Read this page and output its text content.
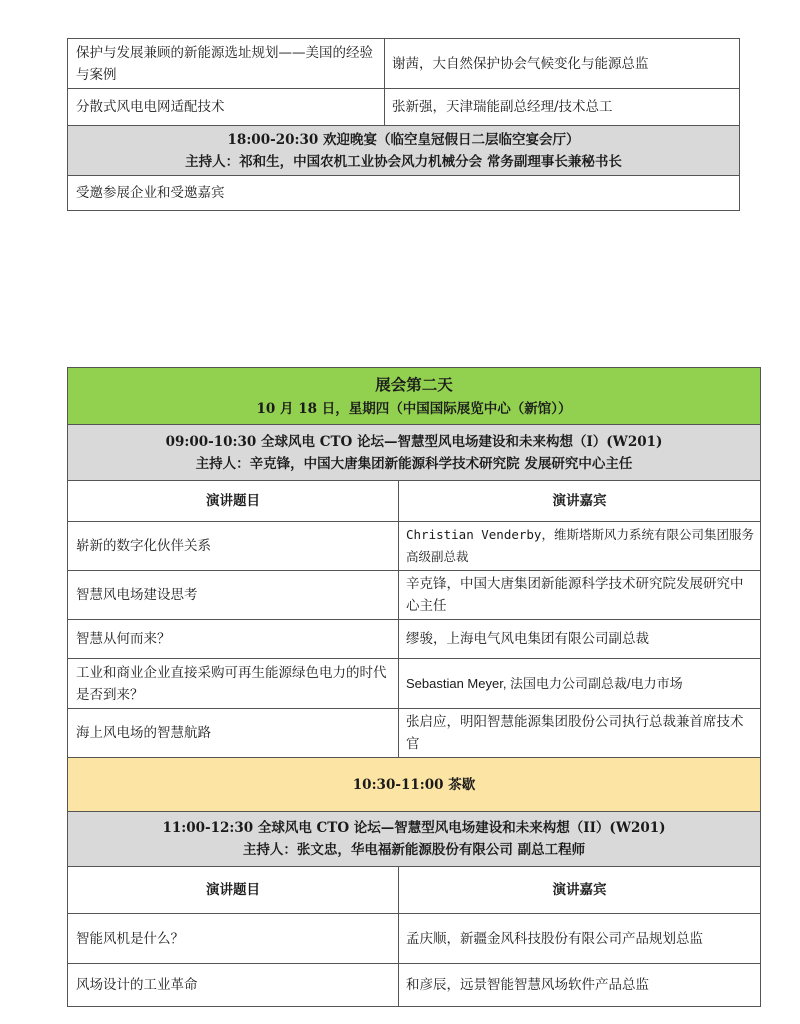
保护与发展兼顾的新能源选址规划——美国的经验与案例	谢茜，大自然保护协会气候变化与能源总监
分散式风电电网适配技术	张新强，天津瑞能副总经理/技术总工

18:00-20:30 欢迎晚宴（临空皇冠假日二层临空宴会厅）
主持人：祁和生，中国农机工业协会风力机械分会 常务副理事长兼秘书长	

受邀参展企业和受邀嘉宾	
展会第二天
10 月 18 日，星期四（中国国际展览中心（新馆））	

09:00-10:30 全球风电 CTO 论坛—智慧型风电场建设和未来构想（I）(W201)
主持人：辛克锋，中国大唐集团新能源科学技术研究院 发展研究中心主任	

演讲题目	演讲嘉宾
崭新的数字化伙伴关系	Christian Venderby，维斯塔斯风力系统有限公司集团服务高级副总裁
智慧风电场建设思考	辛克锋，中国大唐集团新能源科学技术研究院发展研究中心主任
智慧从何而来？	缪骏，上海电气风电集团有限公司副总裁
工业和商业企业直接采购可再生能源绿色电力的时代是否到来？	Sebastian Meyer, 法国电力公司副总裁/电力市场
海上风电场的智慧航路	张启应，明阳智慧能源集团股份公司执行总裁兼首席技术官
10:30-11:00 茶歇	

11:00-12:30 全球风电 CTO 论坛—智慧型风电场建设和未来构想（II）(W201)
主持人：张文忠，华电福新能源股份有限公司 副总工程师	

演讲题目	演讲嘉宾
智能风机是什么？	孟庆顺，新疆金风科技股份有限公司产品规划总监
风场设计的工业革命	和彦辰，远景智能智慧风场软件产品总监
